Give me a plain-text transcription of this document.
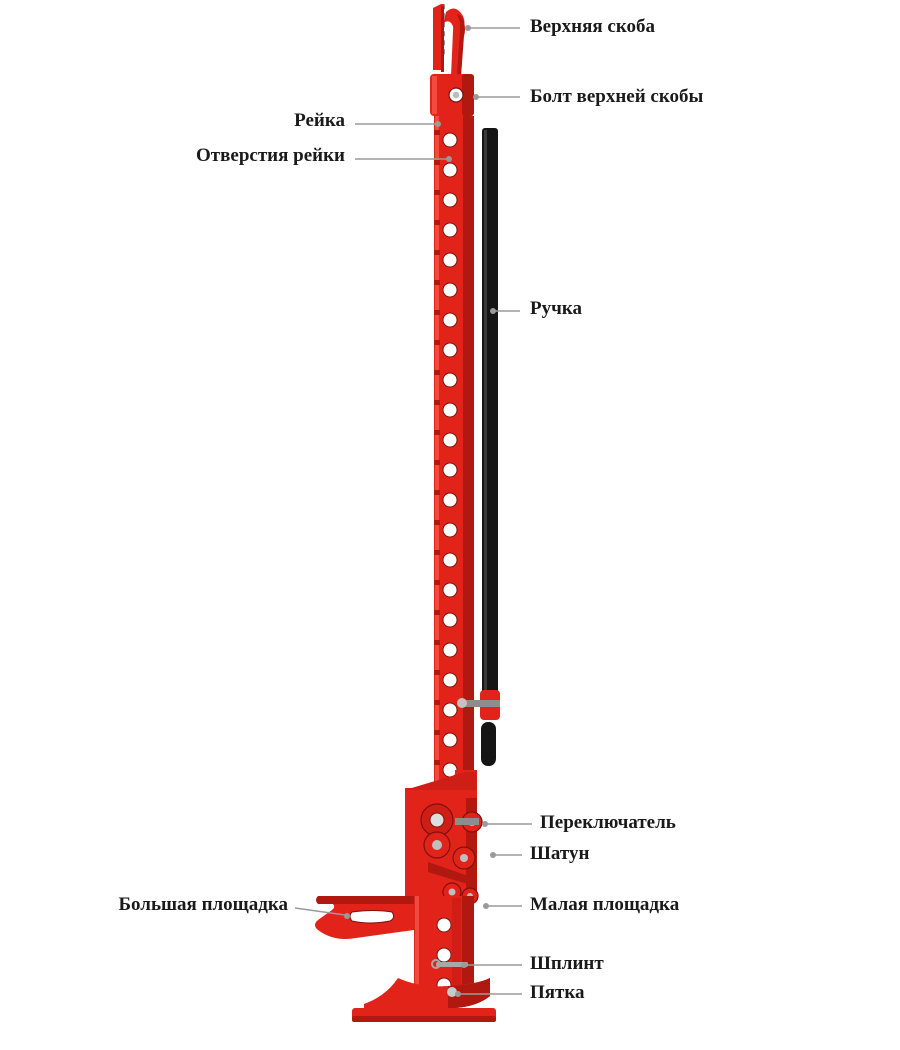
Верхняя скоба
Болт верхней скобы
Рейка
Отверстия рейки
Ручка
Переключатель
Шатун
Большая площадка	Малая площадка
Шплинт
Пятка
